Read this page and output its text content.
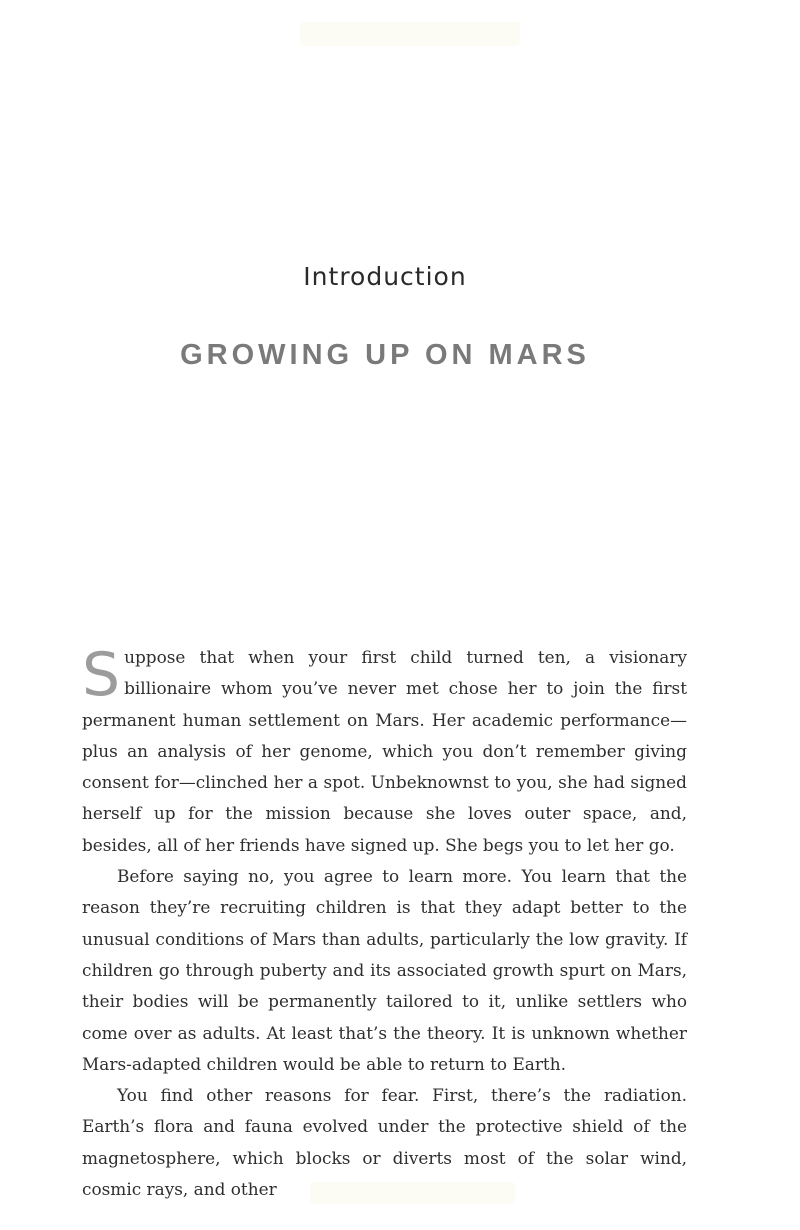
Introduction
GROWING UP ON MARS

Suppose that when your first child turned ten, a visionary billionaire whom you’ve never met chose her to join the first permanent human settlement on Mars. Her academic performance—plus an analysis of her genome, which you don’t remember giving consent for—clinched her a spot. Unbeknownst to you, she had signed herself up for the mission because she loves outer space, and, besides, all of her friends have signed up. She begs you to let her go.

Before saying no, you agree to learn more. You learn that the reason they’re recruiting children is that they adapt better to the unusual conditions of Mars than adults, particularly the low gravity. If children go through puberty and its associated growth spurt on Mars, their bodies will be permanently tailored to it, unlike settlers who come over as adults. At least that’s the theory. It is unknown whether Mars-adapted children would be able to return to Earth.

You find other reasons for fear. First, there’s the radiation. Earth’s flora and fauna evolved under the protective shield of the magnetosphere, which blocks or diverts most of the solar wind, cosmic rays, and other
